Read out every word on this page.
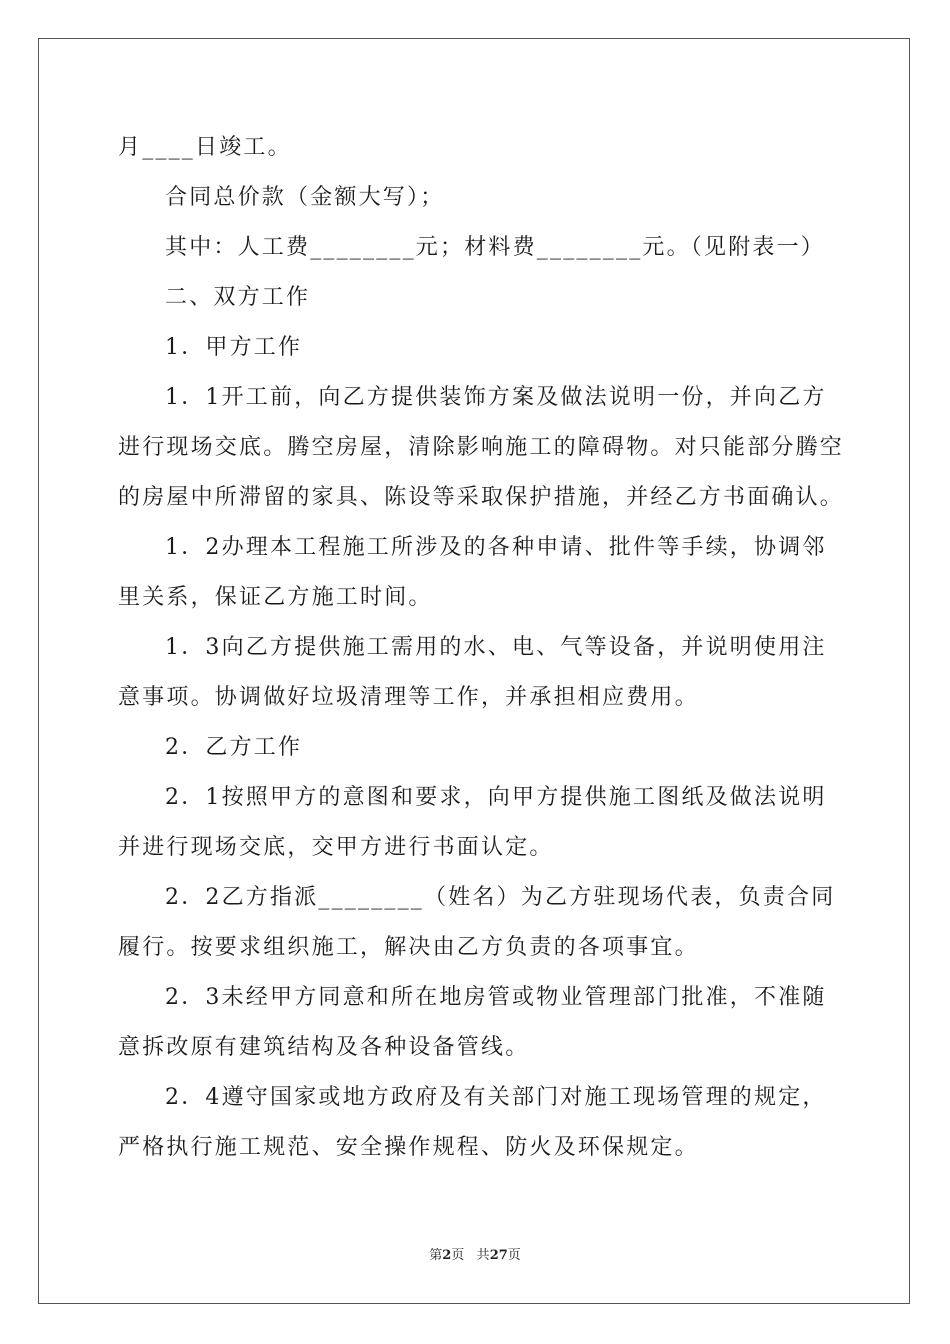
月____日竣工。
合同总价款（金额大写）；
其中：人工费________元；材料费________元。（见附表一）
二、双方工作
1．甲方工作
1．1开工前，向乙方提供装饰方案及做法说明一份，并向乙方
进行现场交底。腾空房屋，清除影响施工的障碍物。对只能部分腾空
的房屋中所滞留的家具、陈设等采取保护措施，并经乙方书面确认。
1．2办理本工程施工所涉及的各种申请、批件等手续，协调邻
里关系，保证乙方施工时间。
1．3向乙方提供施工需用的水、电、气等设备，并说明使用注
意事项。协调做好垃圾清理等工作，并承担相应费用。
2．乙方工作
2．1按照甲方的意图和要求，向甲方提供施工图纸及做法说明
并进行现场交底，交甲方进行书面认定。
2．2乙方指派________（姓名）为乙方驻现场代表，负责合同
履行。按要求组织施工，解决由乙方负责的各项事宜。
2．3未经甲方同意和所在地房管或物业管理部门批准，不准随
意拆改原有建筑结构及各种设备管线。
2．4遵守国家或地方政府及有关部门对施工现场管理的规定，
严格执行施工规范、安全操作规程、防火及环保规定。
第2页 共27页
